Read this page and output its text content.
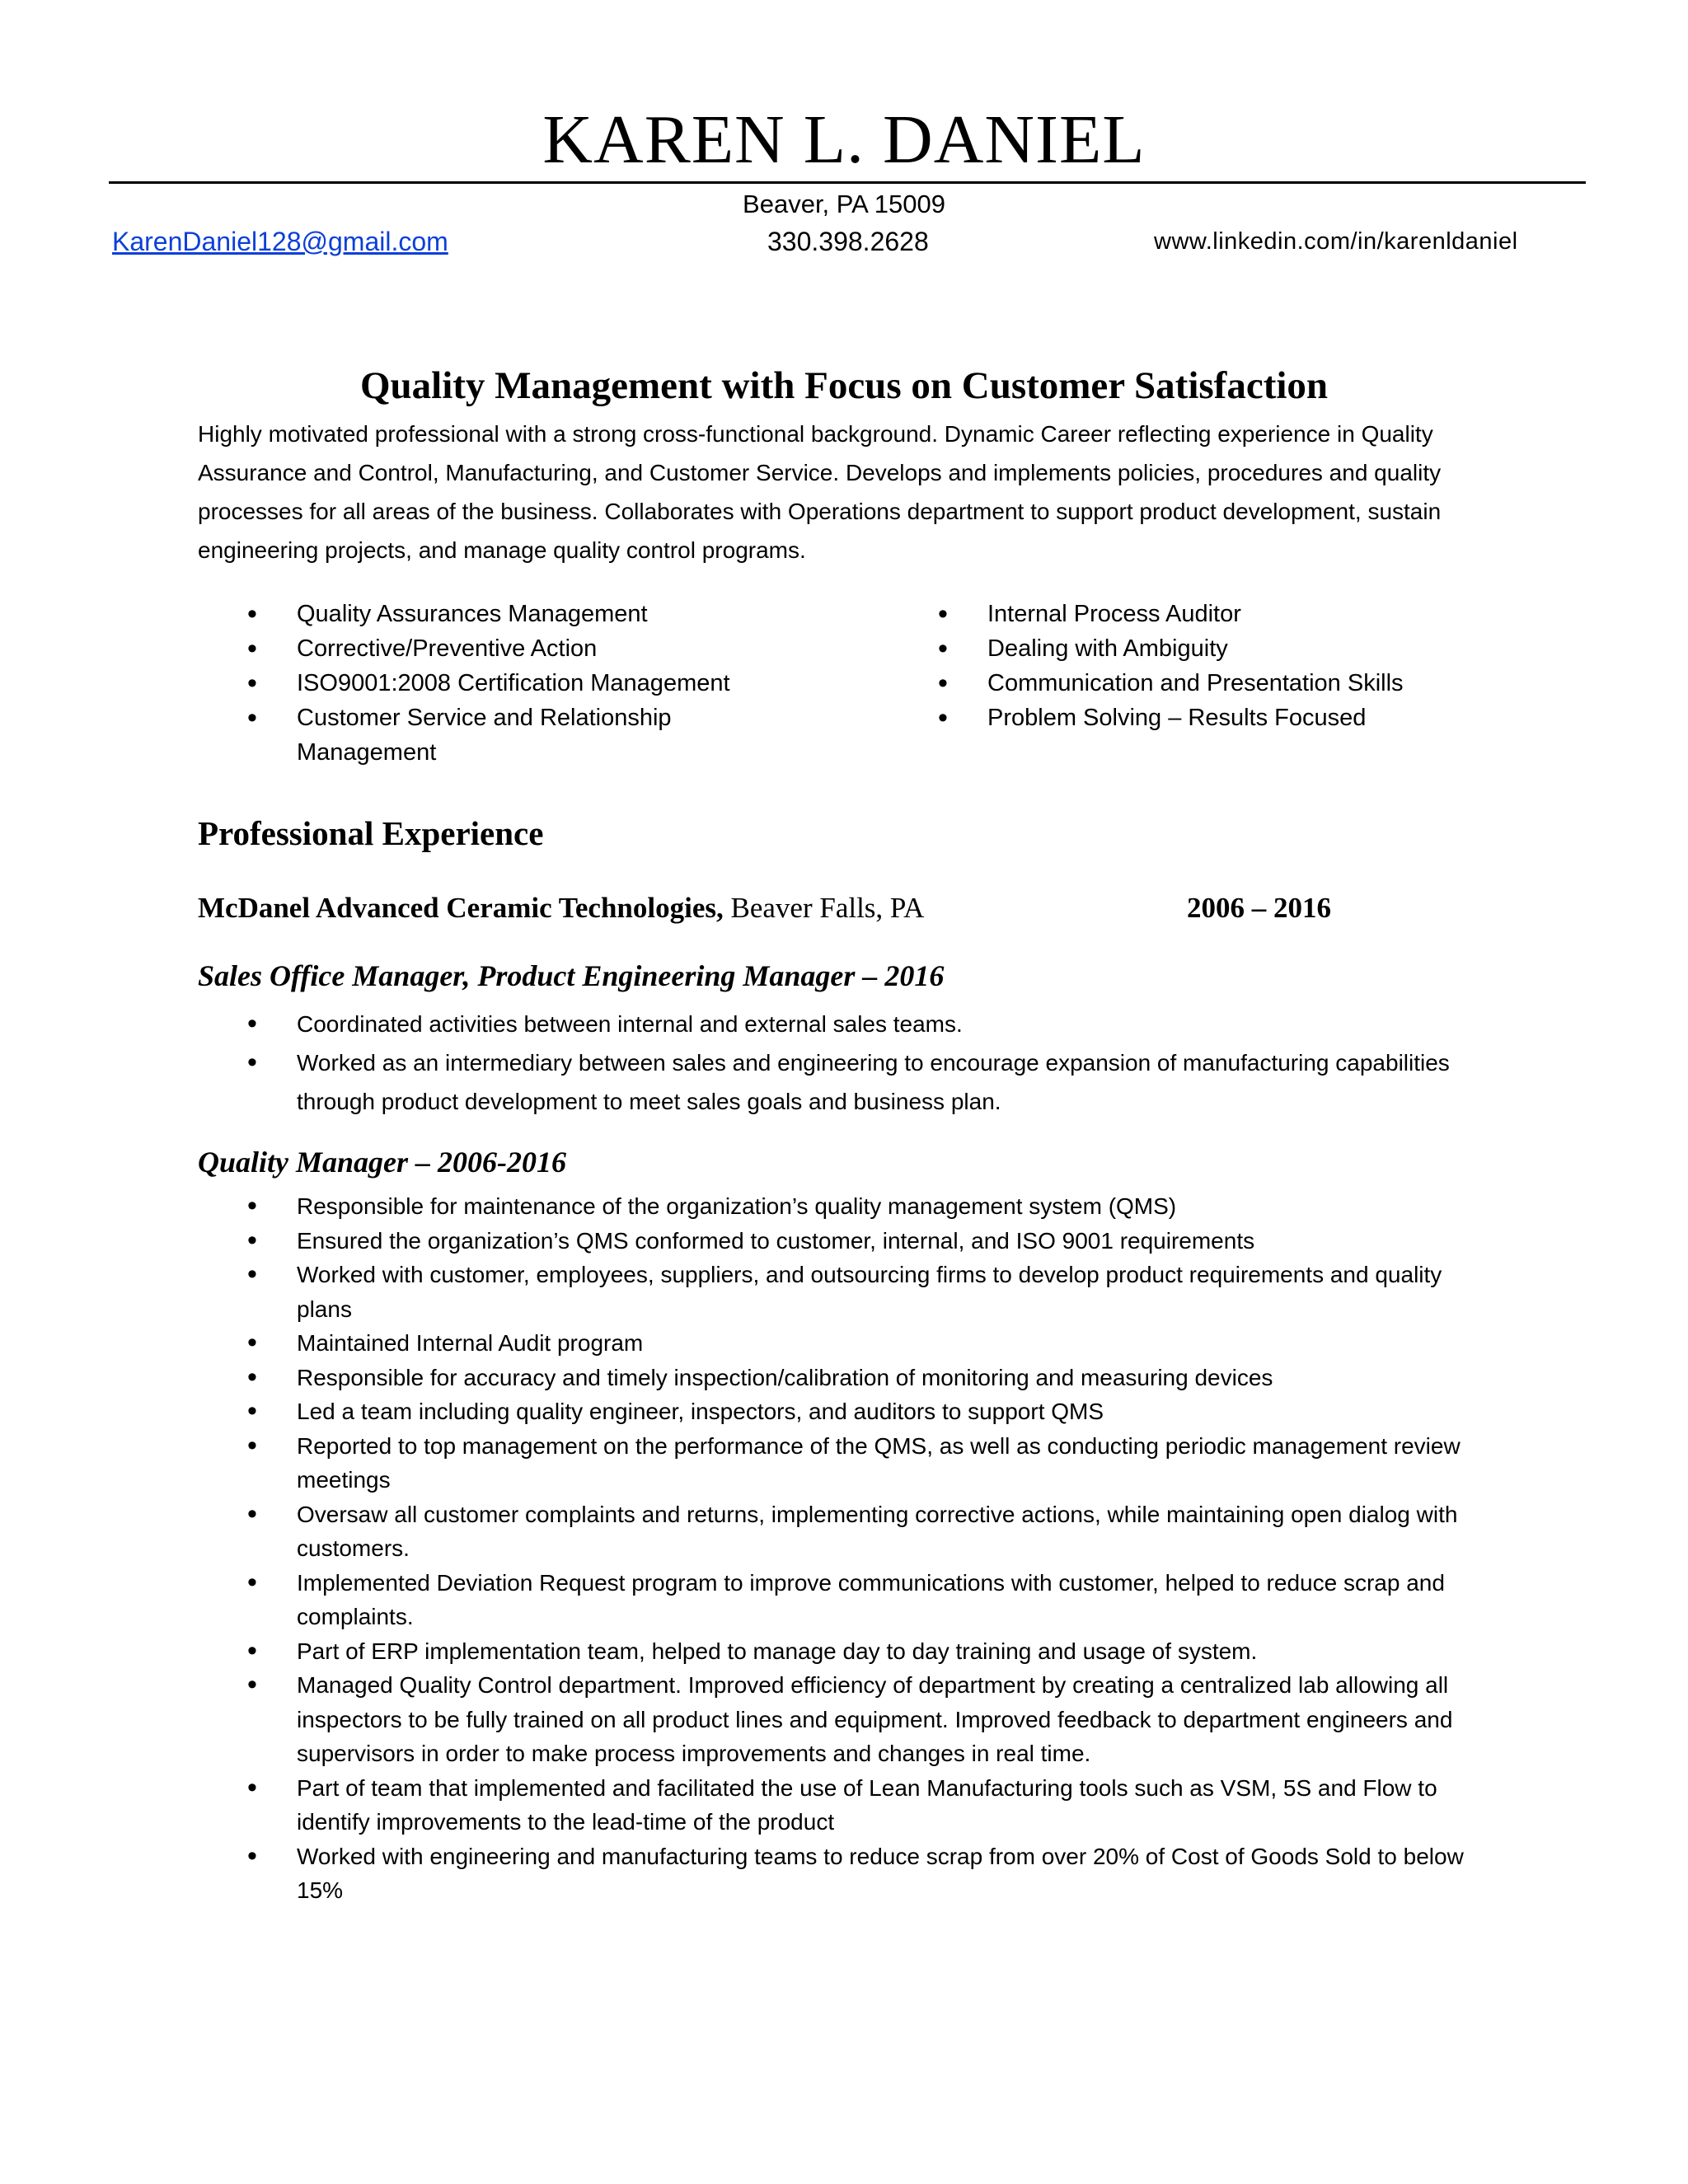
KAREN L. DANIEL
Beaver, PA 15009
KarenDaniel128@gmail.com	330.398.2628	www.linkedin.com/in/karenldaniel
Quality Management with Focus on Customer Satisfaction
Highly motivated professional with a strong cross-functional background. Dynamic Career reflecting experience in Quality Assurance and Control, Manufacturing, and Customer Service. Develops and implements policies, procedures and quality processes for all areas of the business. Collaborates with Operations department to support product development, sustain engineering projects, and manage quality control programs.
• Quality Assurances Management
• Corrective/Preventive Action
• ISO9001:2008 Certification Management
• Customer Service and Relationship Management
• Internal Process Auditor
• Dealing with Ambiguity
• Communication and Presentation Skills
• Problem Solving – Results Focused
Professional Experience
McDanel Advanced Ceramic Technologies, Beaver Falls, PA	2006 – 2016
Sales Office Manager, Product Engineering Manager – 2016
• Coordinated activities between internal and external sales teams.
• Worked as an intermediary between sales and engineering to encourage expansion of manufacturing capabilities through product development to meet sales goals and business plan.
Quality Manager – 2006-2016
• Responsible for maintenance of the organization’s quality management system (QMS)
• Ensured the organization’s QMS conformed to customer, internal, and ISO 9001 requirements
• Worked with customer, employees, suppliers, and outsourcing firms to develop product requirements and quality plans
• Maintained Internal Audit program
• Responsible for accuracy and timely inspection/calibration of monitoring and measuring devices
• Led a team including quality engineer, inspectors, and auditors to support QMS
• Reported to top management on the performance of the QMS, as well as conducting periodic management review meetings
• Oversaw all customer complaints and returns, implementing corrective actions, while maintaining open dialog with customers.
• Implemented Deviation Request program to improve communications with customer, helped to reduce scrap and complaints.
• Part of ERP implementation team, helped to manage day to day training and usage of system.
• Managed Quality Control department. Improved efficiency of department by creating a centralized lab allowing all inspectors to be fully trained on all product lines and equipment. Improved feedback to department engineers and supervisors in order to make process improvements and changes in real time.
• Part of team that implemented and facilitated the use of Lean Manufacturing tools such as VSM, 5S and Flow to identify improvements to the lead-time of the product
• Worked with engineering and manufacturing teams to reduce scrap from over 20% of Cost of Goods Sold to below 15%
